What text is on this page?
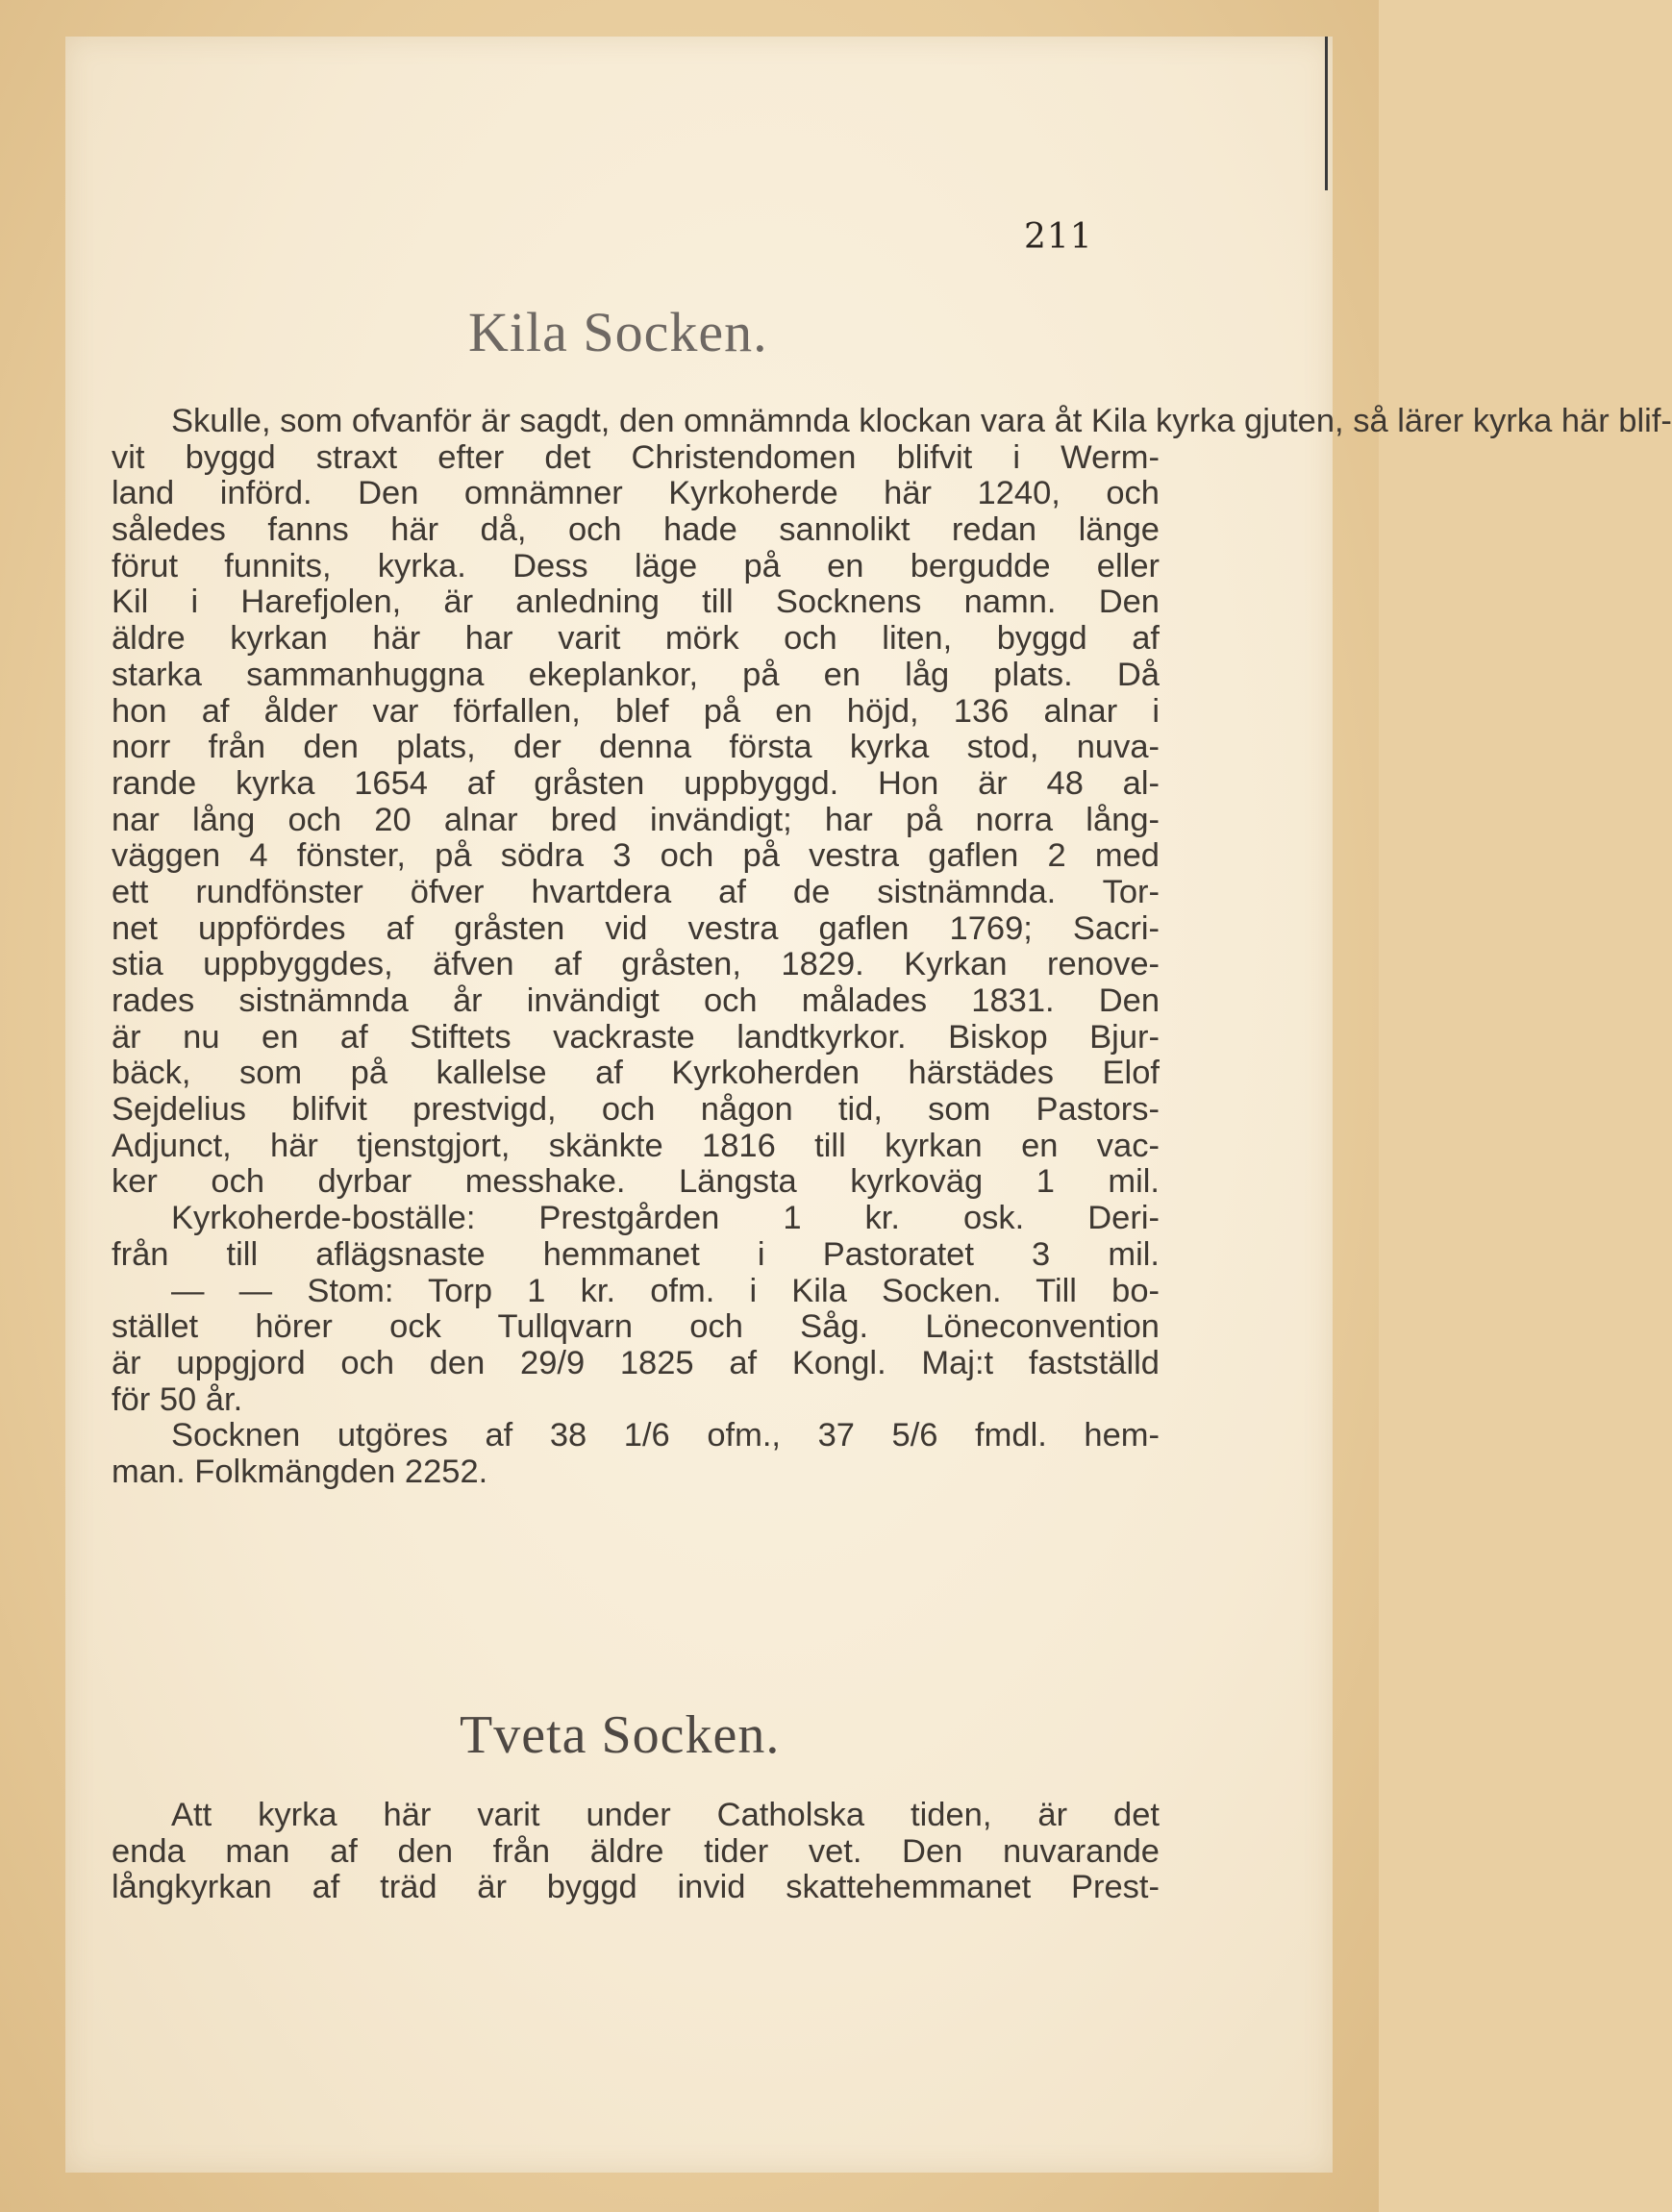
211
Kila Socken.
Skulle, som ofvanför är sagdt, den omnämnda klockan vara åt Kila kyrka gjuten, så lärer kyrka här blif-
vit byggd straxt efter det Christendomen blifvit i Werm-
land införd. Den omnämner Kyrkoherde här 1240, och
således fanns här då, och hade sannolikt redan länge
förut funnits, kyrka. Dess läge på en bergudde eller
Kil i Harefjolen, är anledning till Socknens namn. Den
äldre kyrkan här har varit mörk och liten, byggd af
starka sammanhuggna ekeplankor, på en låg plats. Då
hon af ålder var förfallen, blef på en höjd, 136 alnar i
norr från den plats, der denna första kyrka stod, nuva-
rande kyrka 1654 af gråsten uppbyggd. Hon är 48 al-
nar lång och 20 alnar bred invändigt; har på norra lång-
väggen 4 fönster, på södra 3 och på vestra gaflen 2 med
ett rundfönster öfver hvartdera af de sistnämnda. Tor-
net uppfördes af gråsten vid vestra gaflen 1769; Sacri-
stia uppbyggdes, äfven af gråsten, 1829. Kyrkan renove-
rades sistnämnda år invändigt och målades 1831. Den
är nu en af Stiftets vackraste landtkyrkor. Biskop Bjur-
bäck, som på kallelse af Kyrkoherden härstädes Elof
Sejdelius blifvit prestvigd, och någon tid, som Pastors-
Adjunct, här tjenstgjort, skänkte 1816 till kyrkan en vac-
ker och dyrbar messhake. Längsta kyrkoväg 1 mil.
Kyrkoherde-boställe: Prestgården 1 kr. osk. Deri-
från till aflägsnaste hemmanet i Pastoratet 3 mil.
— — Stom: Torp 1 kr. ofm. i Kila Socken. Till bo-
stället hörer ock Tullqvarn och Såg. Löneconvention
är uppgjord och den 29/9 1825 af Kongl. Maj:t fastställd
för 50 år.
Socknen utgöres af 38 1/6 ofm., 37 5/6 fmdl. hem-
man. Folkmängden 2252.
Tveta Socken.
Att kyrka här varit under Catholska tiden, är det
enda man af den från äldre tider vet. Den nuvarande
långkyrkan af träd är byggd invid skattehemmanet Prest-
